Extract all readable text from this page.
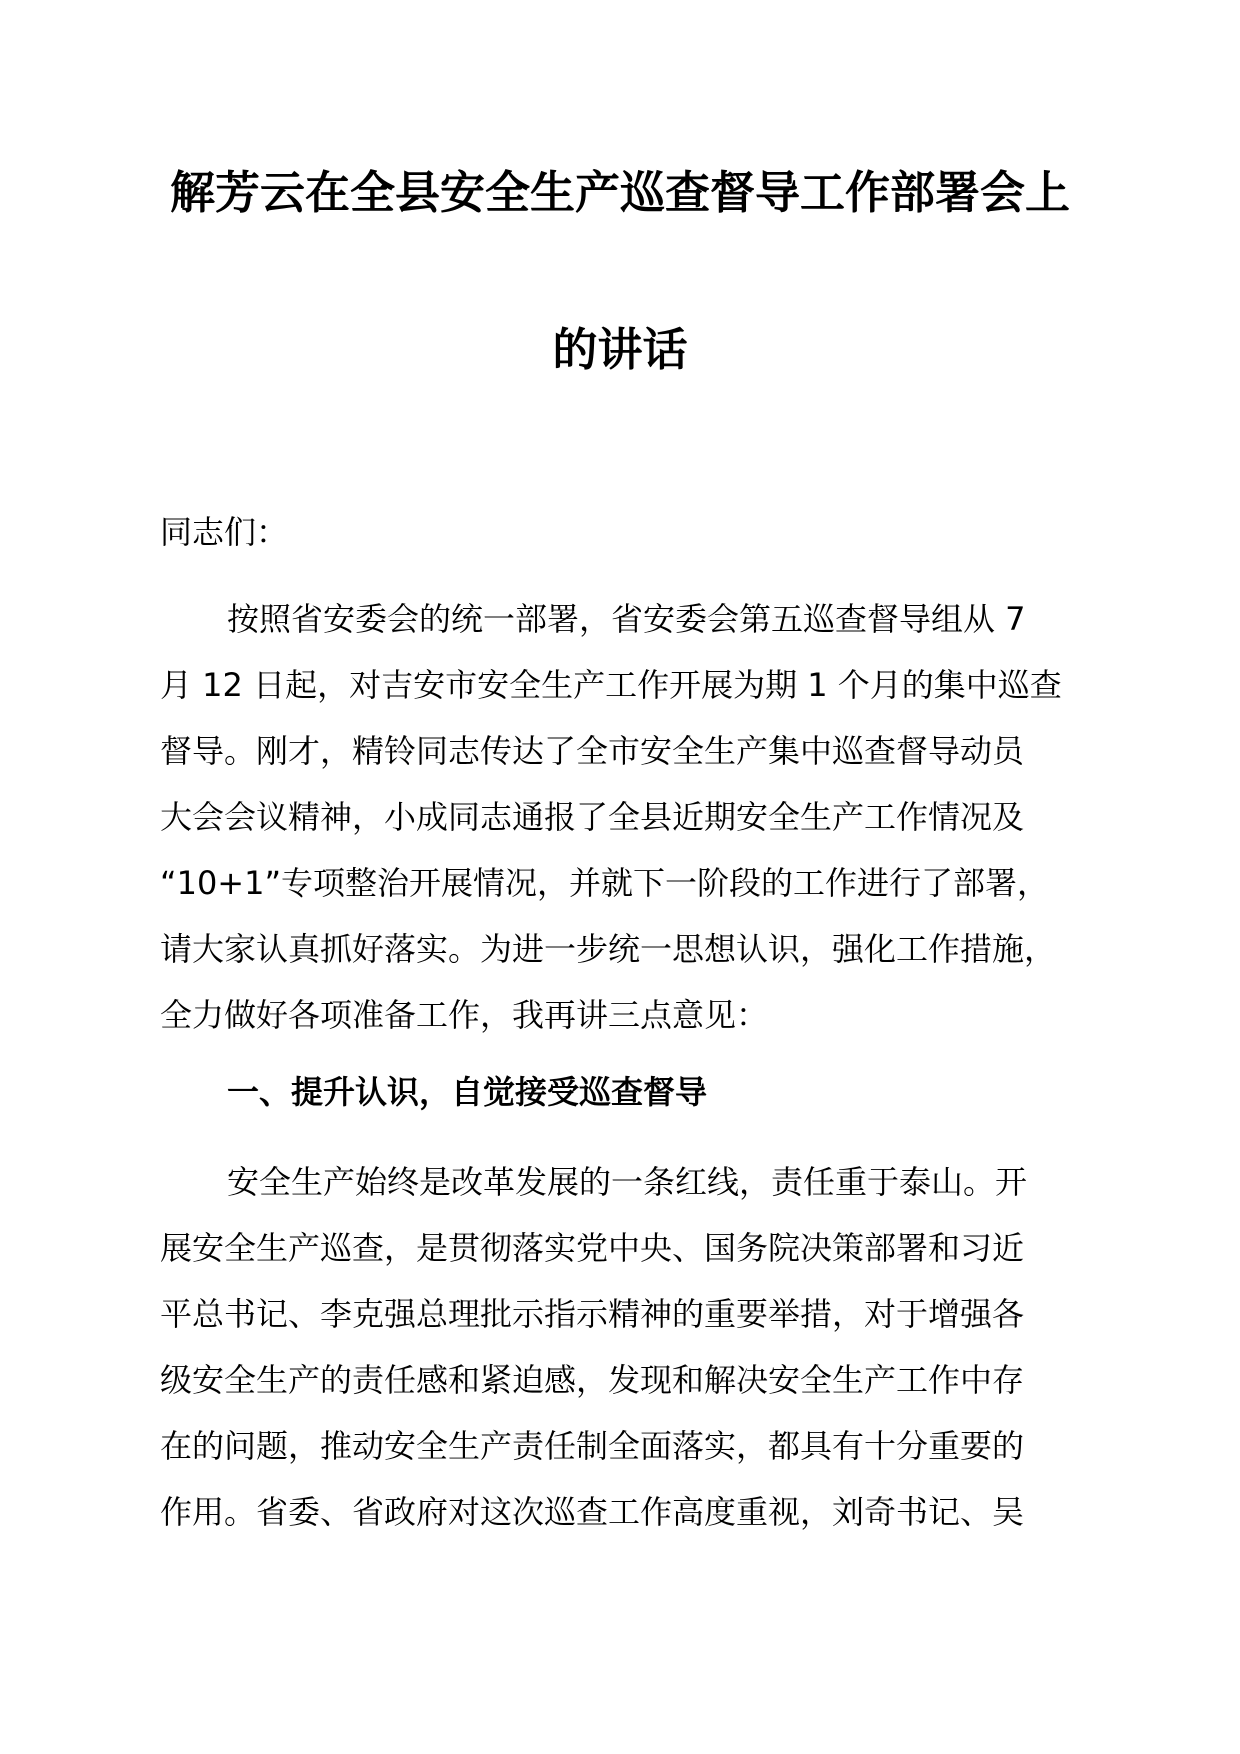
解芳云在全县安全生产巡查督导工作部署会上
的讲话
同志们：
按照省安委会的统一部署，省安委会第五巡查督导组从 7
月 12 日起，对吉安市安全生产工作开展为期 1 个月的集中巡查
督导。刚才，精铃同志传达了全市安全生产集中巡查督导动员
大会会议精神，小成同志通报了全县近期安全生产工作情况及
“10+1”专项整治开展情况，并就下一阶段的工作进行了部署，
请大家认真抓好落实。为进一步统一思想认识，强化工作措施，
全力做好各项准备工作，我再讲三点意见：
一、提升认识，自觉接受巡查督导
安全生产始终是改革发展的一条红线，责任重于泰山。开
展安全生产巡查，是贯彻落实党中央、国务院决策部署和习近
平总书记、李克强总理批示指示精神的重要举措，对于增强各
级安全生产的责任感和紧迫感，发现和解决安全生产工作中存
在的问题，推动安全生产责任制全面落实，都具有十分重要的
作用。省委、省政府对这次巡查工作高度重视，刘奇书记、吴
